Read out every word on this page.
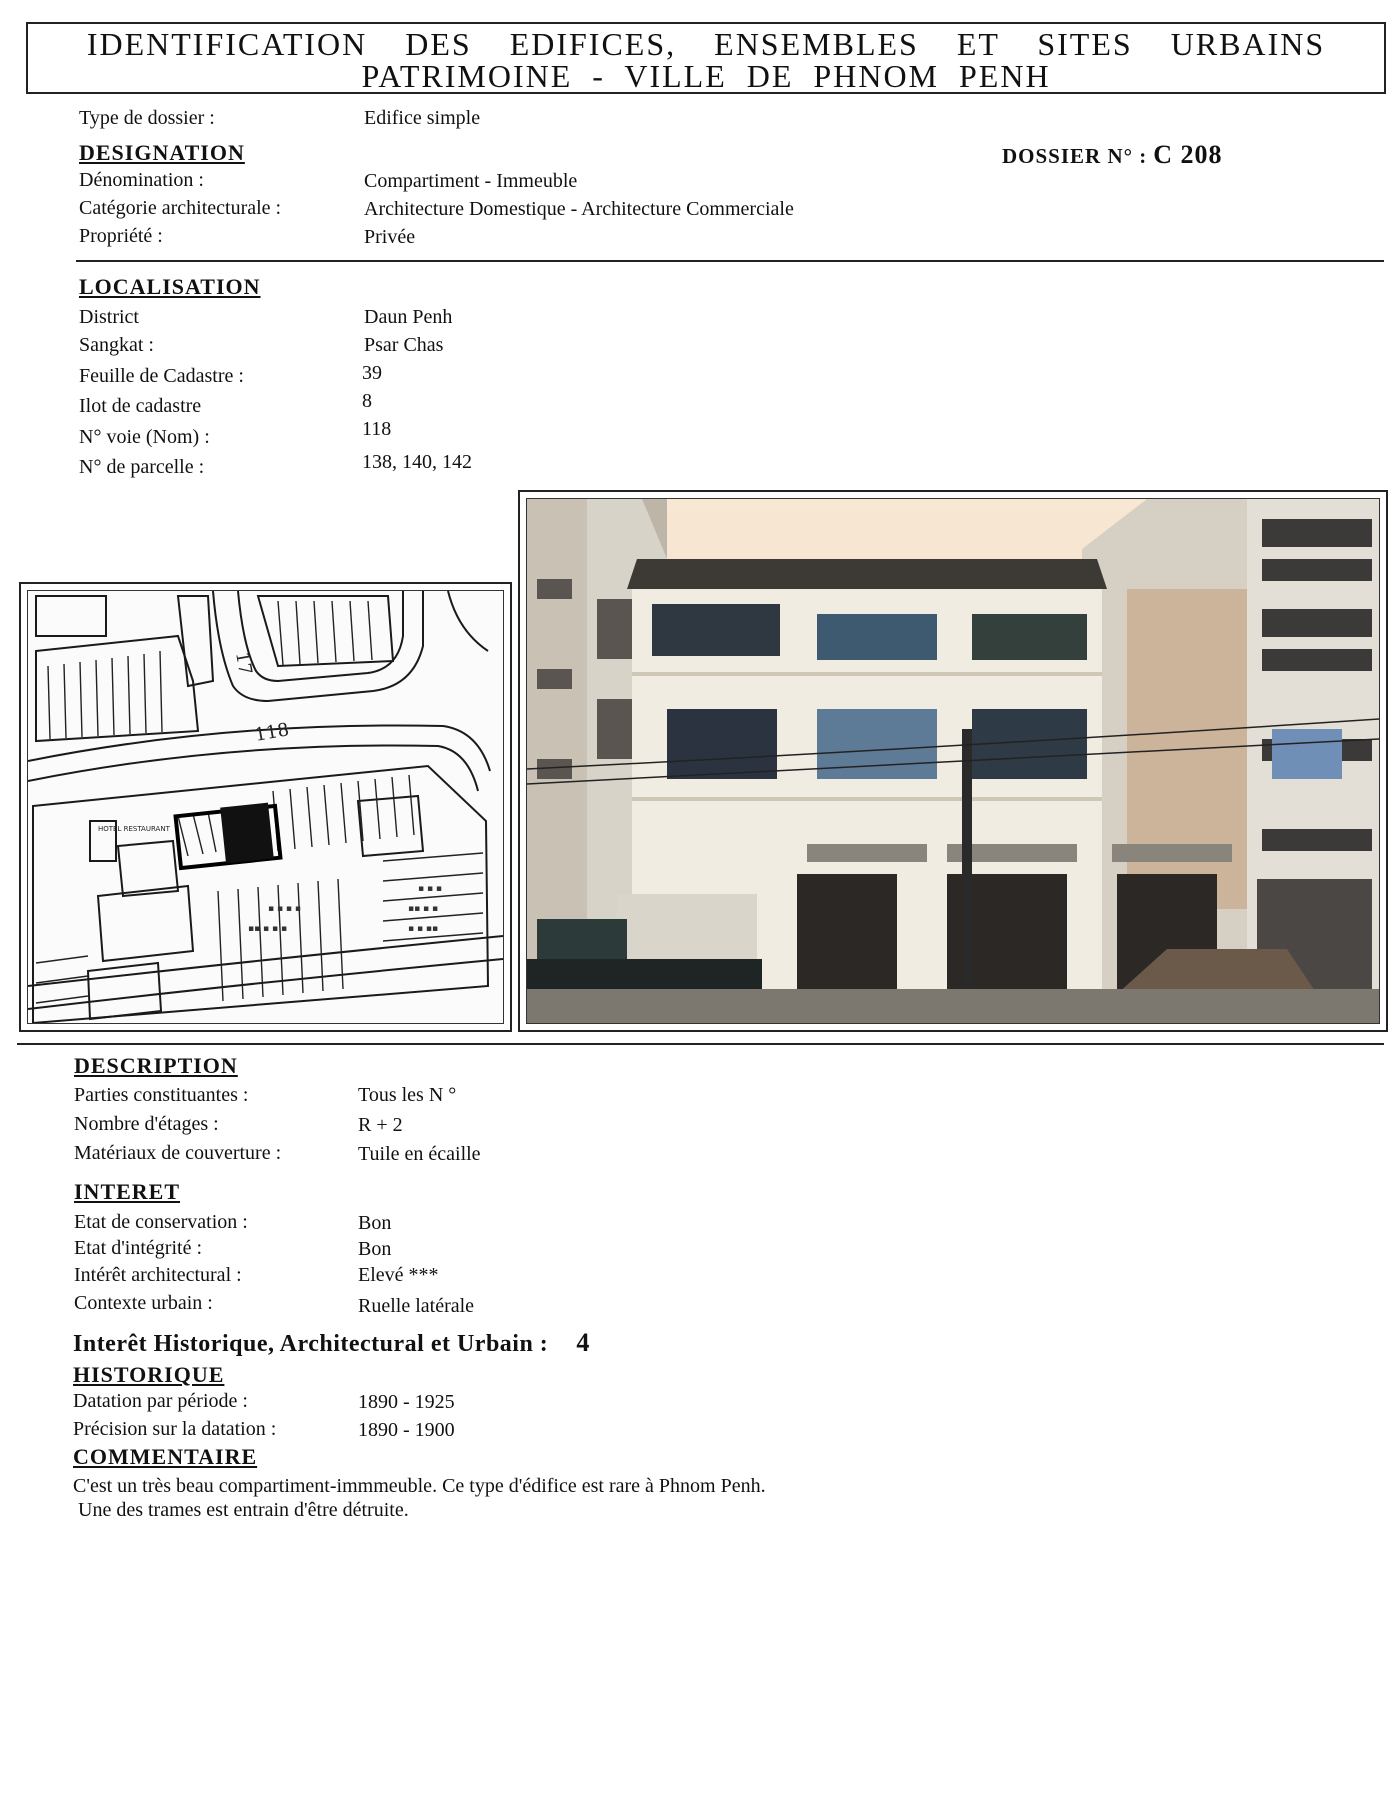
IDENTIFICATION DES EDIFICES, ENSEMBLES ET SITES URBAINS
PATRIMOINE - VILLE DE PHNOM PENH
Type de dossier :	Edifice simple
DESIGNATION	DOSSIER N° : C 208
Dénomination :	Compartiment - Immeuble
Catégorie architecturale :	Architecture Domestique - Architecture Commerciale
Propriété :	Privée
LOCALISATION
District	Daun Penh
Sangkat :	Psar Chas
Feuille de Cadastre :	39
Ilot de cadastre	8
N° voie (Nom) :	118
N° de parcelle :	138, 140, 142
HOTEL RESTAURANT
17
118
▪ ▪ ▪
▪▪ ▪ ▪
▪ ▪ ▪▪
▪ ▪ ▪ ▪
▪▪ ▪ ▪ ▪
DESCRIPTION
Parties constituantes :	Tous les N °
Nombre d'étages :	R + 2
Matériaux de couverture :	Tuile en écaille
INTERET
Etat de conservation :	Bon
Etat d'intégrité :	Bon
Intérêt architectural :	Elevé ***
Contexte urbain :	Ruelle latérale
Interêt Historique, Architectural et Urbain : 4
HISTORIQUE
Datation par période :	1890 - 1925
Précision sur la datation :	1890 - 1900
COMMENTAIRE
C'est un très beau compartiment-immmeuble. Ce type d'édifice est rare à Phnom Penh.
Une des trames est entrain d'être détruite.
